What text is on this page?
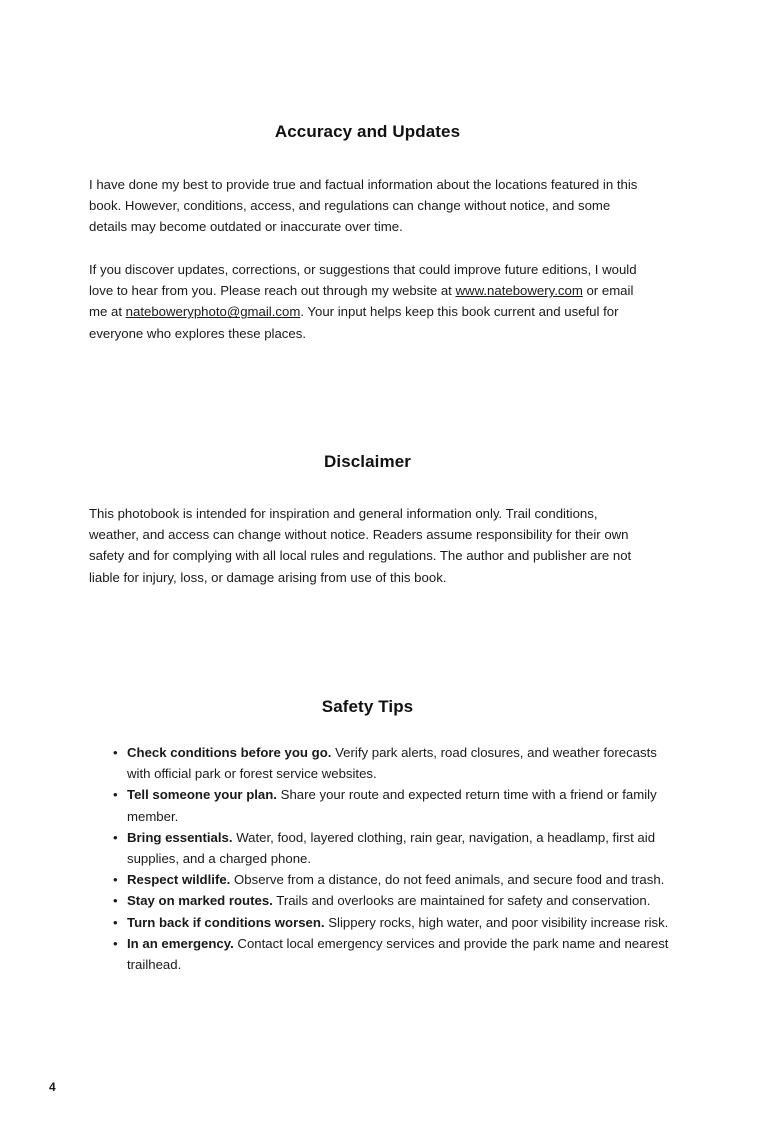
Accuracy and Updates

I have done my best to provide true and factual information about the locations featured in this book. However, conditions, access, and regulations can change without notice, and some details may become outdated or inaccurate over time.

If you discover updates, corrections, or suggestions that could improve future editions, I would love to hear from you. Please reach out through my website at www.natebowery.com or email me at nateboweryphoto@gmail.com. Your input helps keep this book current and useful for everyone who explores these places.

Disclaimer

This photobook is intended for inspiration and general information only. Trail conditions, weather, and access can change without notice. Readers assume responsibility for their own safety and for complying with all local rules and regulations. The author and publisher are not liable for injury, loss, or damage arising from use of this book.

Safety Tips
• Check conditions before you go. Verify park alerts, road closures, and weather forecasts with official park or forest service websites.
• Tell someone your plan. Share your route and expected return time with a friend or family member.
• Bring essentials. Water, food, layered clothing, rain gear, navigation, a headlamp, first aid supplies, and a charged phone.
• Respect wildlife. Observe from a distance, do not feed animals, and secure food and trash.
• Stay on marked routes. Trails and overlooks are maintained for safety and conservation.
• Turn back if conditions worsen. Slippery rocks, high water, and poor visibility increase risk.
• In an emergency. Contact local emergency services and provide the park name and nearest trailhead.
4
